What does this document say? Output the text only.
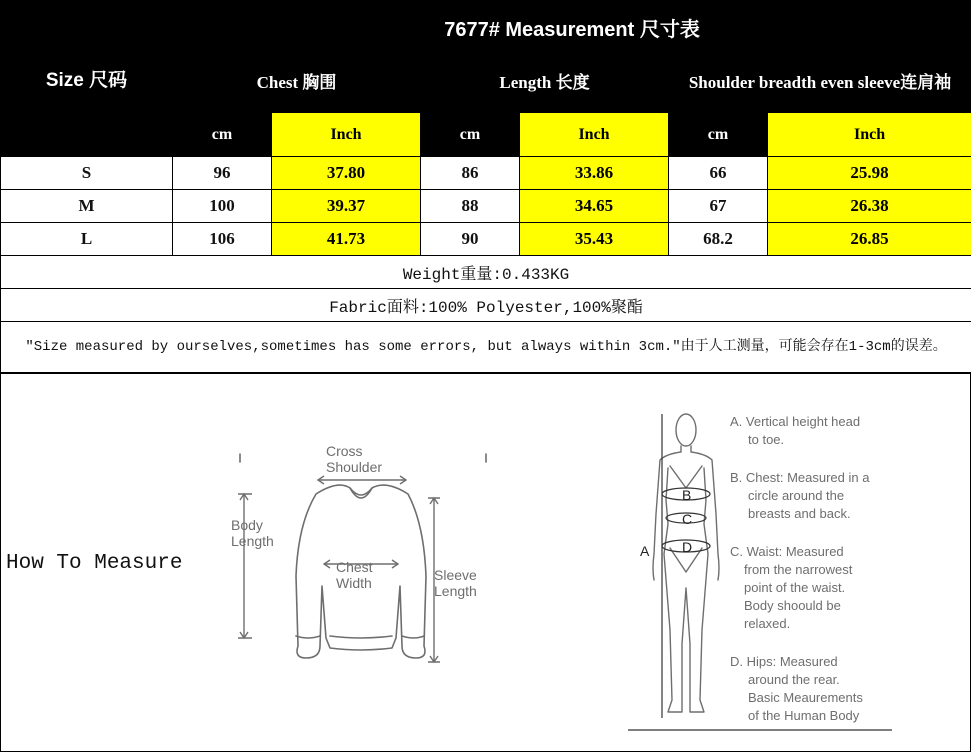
Size 尺码	7677# Measurement 尺寸表					
	Chest 胸围		Length 长度		Shoulder breadth even sleeve连肩袖	
	cm	Inch	cm	Inch	cm	Inch
S	96	37.80	86	33.86	66	25.98
M	100	39.37	88	34.65	67	26.38
L	106	41.73	90	35.43	68.2	26.85
Weight重量:0.433KG						
Fabric面料:100% Polyester,100%聚酯						
"Size measured by ourselves,sometimes has some errors, but always within 3cm."由于人工测量，可能会存在1-3cm的误差。						
How To Measure
Cross
Shoulder
Body
Length
Chest
Width	Sleeve
Length
A
B
C
D
A. Vertical height head
to toe.
B. Chest: Measured in a
circle around the
breasts and back.
C. Waist: Measured
from the narrowest
point of the waist.
Body shoould be
relaxed.
D. Hips: Measured
around the rear.
Basic Meaurements
of the Human Body
